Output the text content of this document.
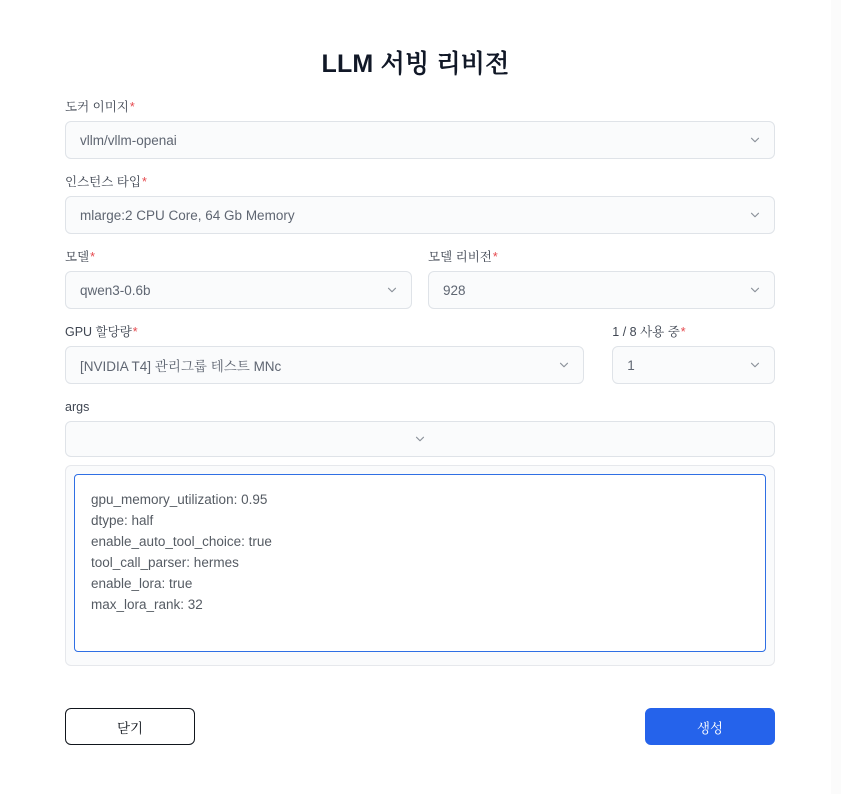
LLM 서빙 리비전
도커 이미지*
vllm/vllm-openai
인스턴스 타입*
mlarge:2 CPU Core, 64 Gb Memory
모델*
qwen3-0.6b
모델 리비전*
928
GPU 할당량*
[NVIDIA T4] 관리그룹 테스트 MNc
1 / 8 사용 중*
1
args
gpu_memory_utilization: 0.95 dtype: half enable_auto_tool_choice: true tool_call_parser: hermes enable_lora: true max_lora_rank: 32
닫기	생성
